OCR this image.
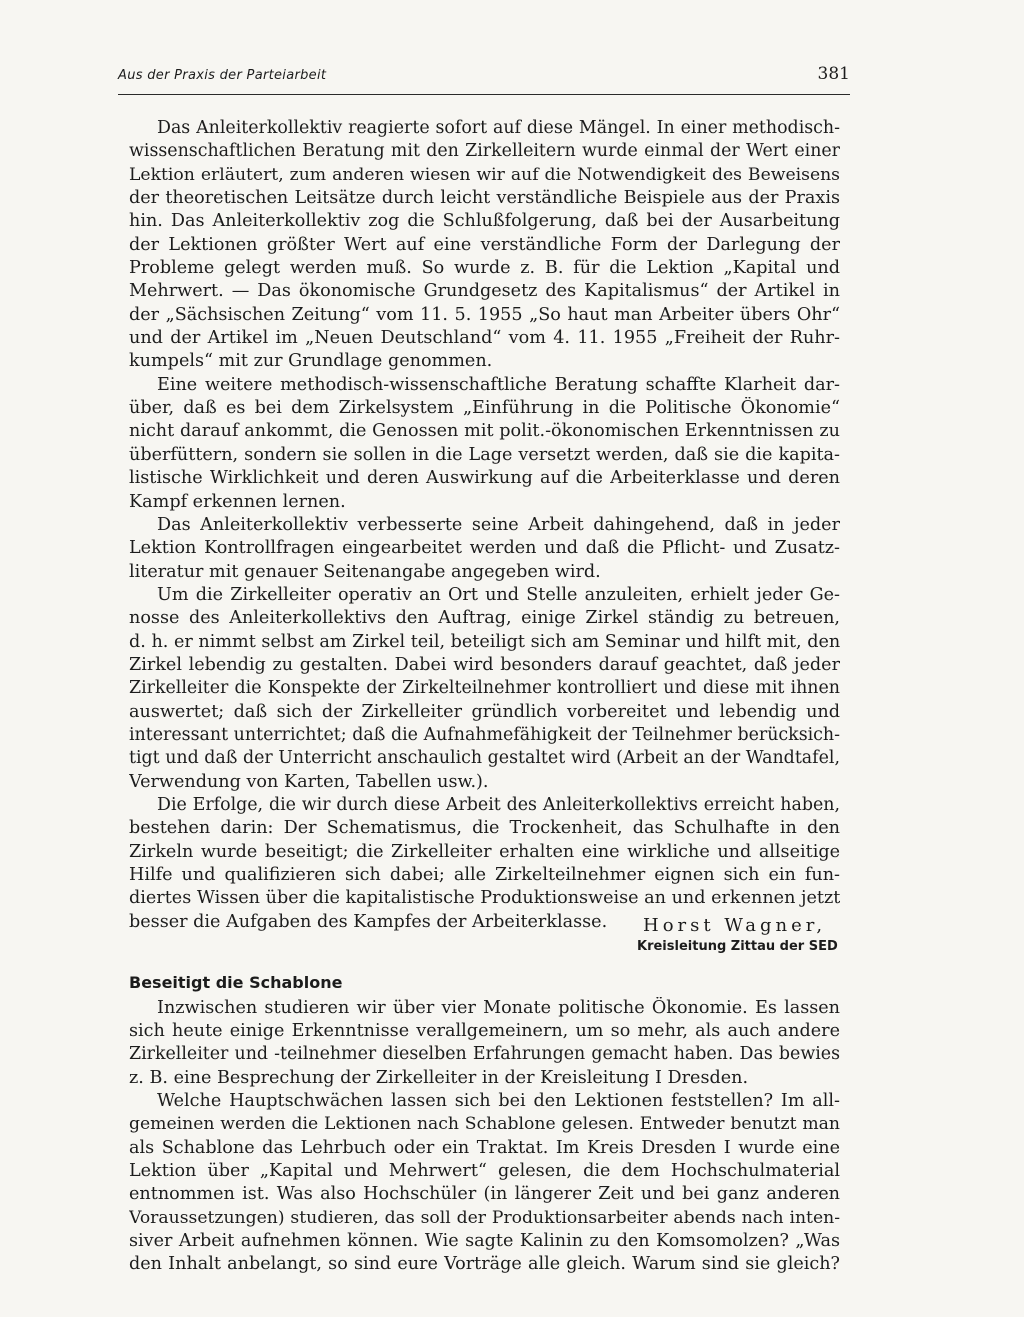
Aus der Praxis der Parteiarbeit	381
Das Anleiterkollektiv reagierte sofort auf diese Mängel. In einer methodisch-
wissenschaftlichen Beratung mit den Zirkelleitern wurde einmal der Wert einer
Lektion erläutert, zum anderen wiesen wir auf die Notwendigkeit des Beweisens
der theoretischen Leitsätze durch leicht verständliche Beispiele aus der Praxis
hin. Das Anleiterkollektiv zog die Schlußfolgerung, daß bei der Ausarbeitung
der Lektionen größter Wert auf eine verständliche Form der Darlegung der
Probleme gelegt werden muß. So wurde z. B. für die Lektion „Kapital und
Mehrwert. — Das ökonomische Grundgesetz des Kapitalismus“ der Artikel in
der „Sächsischen Zeitung“ vom 11. 5. 1955 „So haut man Arbeiter übers Ohr“
und der Artikel im „Neuen Deutschland“ vom 4. 11. 1955 „Freiheit der Ruhr-
kumpels“ mit zur Grundlage genommen.
Eine weitere methodisch-wissenschaftliche Beratung schaffte Klarheit dar-
über, daß es bei dem Zirkelsystem „Einführung in die Politische Ökonomie“
nicht darauf ankommt, die Genossen mit polit.-ökonomischen Erkenntnissen zu
überfüttern, sondern sie sollen in die Lage versetzt werden, daß sie die kapita-
listische Wirklichkeit und deren Auswirkung auf die Arbeiterklasse und deren
Kampf erkennen lernen.
Das Anleiterkollektiv verbesserte seine Arbeit dahingehend, daß in jeder
Lektion Kontrollfragen eingearbeitet werden und daß die Pflicht- und Zusatz-
literatur mit genauer Seitenangabe angegeben wird.
Um die Zirkelleiter operativ an Ort und Stelle anzuleiten, erhielt jeder Ge-
nosse des Anleiterkollektivs den Auftrag, einige Zirkel ständig zu betreuen,
d. h. er nimmt selbst am Zirkel teil, beteiligt sich am Seminar und hilft mit, den
Zirkel lebendig zu gestalten. Dabei wird besonders darauf geachtet, daß jeder
Zirkelleiter die Konspekte der Zirkelteilnehmer kontrolliert und diese mit ihnen
auswertet; daß sich der Zirkelleiter gründlich vorbereitet und lebendig und
interessant unterrichtet; daß die Aufnahmefähigkeit der Teilnehmer berücksich-
tigt und daß der Unterricht anschaulich gestaltet wird (Arbeit an der Wandtafel,
Verwendung von Karten, Tabellen usw.).
Die Erfolge, die wir durch diese Arbeit des Anleiterkollektivs erreicht haben,
bestehen darin: Der Schematismus, die Trockenheit, das Schulhafte in den
Zirkeln wurde beseitigt; die Zirkelleiter erhalten eine wirkliche und allseitige
Hilfe und qualifizieren sich dabei; alle Zirkelteilnehmer eignen sich ein fun-
diertes Wissen über die kapitalistische Produktionsweise an und erkennen jetzt
besser die Aufgaben des Kampfes der Arbeiterklasse.	Horst Wagner,
Kreisleitung Zittau der SED
Beseitigt die Schablone
Inzwischen studieren wir über vier Monate politische Ökonomie. Es lassen
sich heute einige Erkenntnisse verallgemeinern, um so mehr, als auch andere
Zirkelleiter und -teilnehmer dieselben Erfahrungen gemacht haben. Das bewies
z. B. eine Besprechung der Zirkelleiter in der Kreisleitung I Dresden.
Welche Hauptschwächen lassen sich bei den Lektionen feststellen? Im all-
gemeinen werden die Lektionen nach Schablone gelesen. Entweder benutzt man
als Schablone das Lehrbuch oder ein Traktat. Im Kreis Dresden I wurde eine
Lektion über „Kapital und Mehrwert“ gelesen, die dem Hochschulmaterial
entnommen ist. Was also Hochschüler (in längerer Zeit und bei ganz anderen
Voraussetzungen) studieren, das soll der Produktionsarbeiter abends nach inten-
siver Arbeit aufnehmen können. Wie sagte Kalinin zu den Komsomolzen? „Was
den Inhalt anbelangt, so sind eure Vorträge alle gleich. Warum sind sie gleich?
